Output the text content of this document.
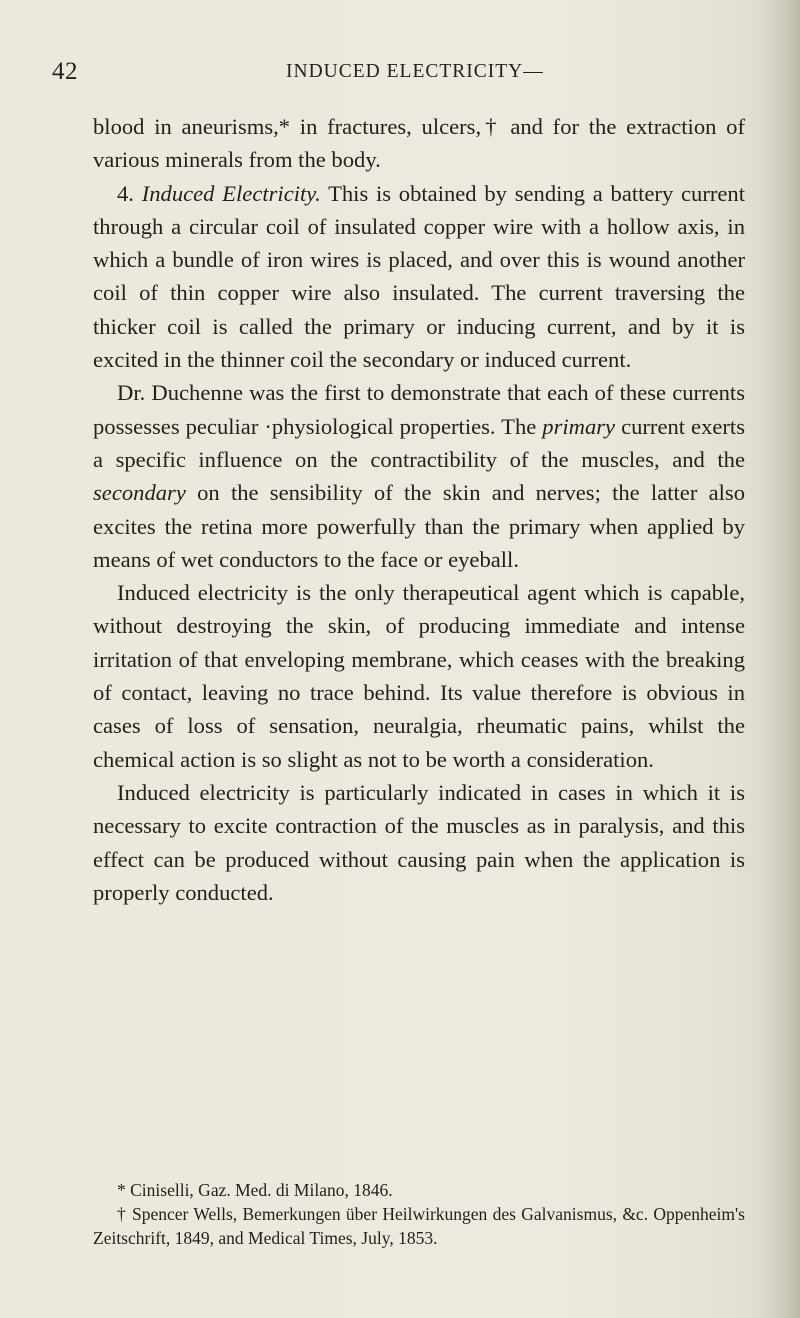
42	INDUCED ELECTRICITY—

blood in aneurisms,* in fractures, ulcers,† and for the extraction of various minerals from the body.

4. Induced Electricity. This is obtained by sending a battery current through a circular coil of insulated copper wire with a hollow axis, in which a bundle of iron wires is placed, and over this is wound another coil of thin copper wire also insulated. The current traversing the thicker coil is called the primary or inducing current, and by it is excited in the thinner coil the secondary or induced current.

Dr. Duchenne was the first to demonstrate that each of these currents possesses peculiar ·physiological properties. The primary current exerts a specific influence on the contractibility of the muscles, and the secondary on the sensibility of the skin and nerves; the latter also excites the retina more powerfully than the primary when applied by means of wet conductors to the face or eyeball.

Induced electricity is the only therapeutical agent which is capable, without destroying the skin, of producing immediate and intense irritation of that enveloping membrane, which ceases with the breaking of contact, leaving no trace behind. Its value therefore is obvious in cases of loss of sensation, neuralgia, rheumatic pains, whilst the chemical action is so slight as not to be worth a consideration.

Induced electricity is particularly indicated in cases in which it is necessary to excite contraction of the muscles as in paralysis, and this effect can be produced without causing pain when the application is properly conducted.

* Ciniselli, Gaz. Med. di Milano, 1846.

† Spencer Wells, Bemerkungen über Heilwirkungen des Galvanismus, &c. Oppenheim's Zeitschrift, 1849, and Medical Times, July, 1853.
